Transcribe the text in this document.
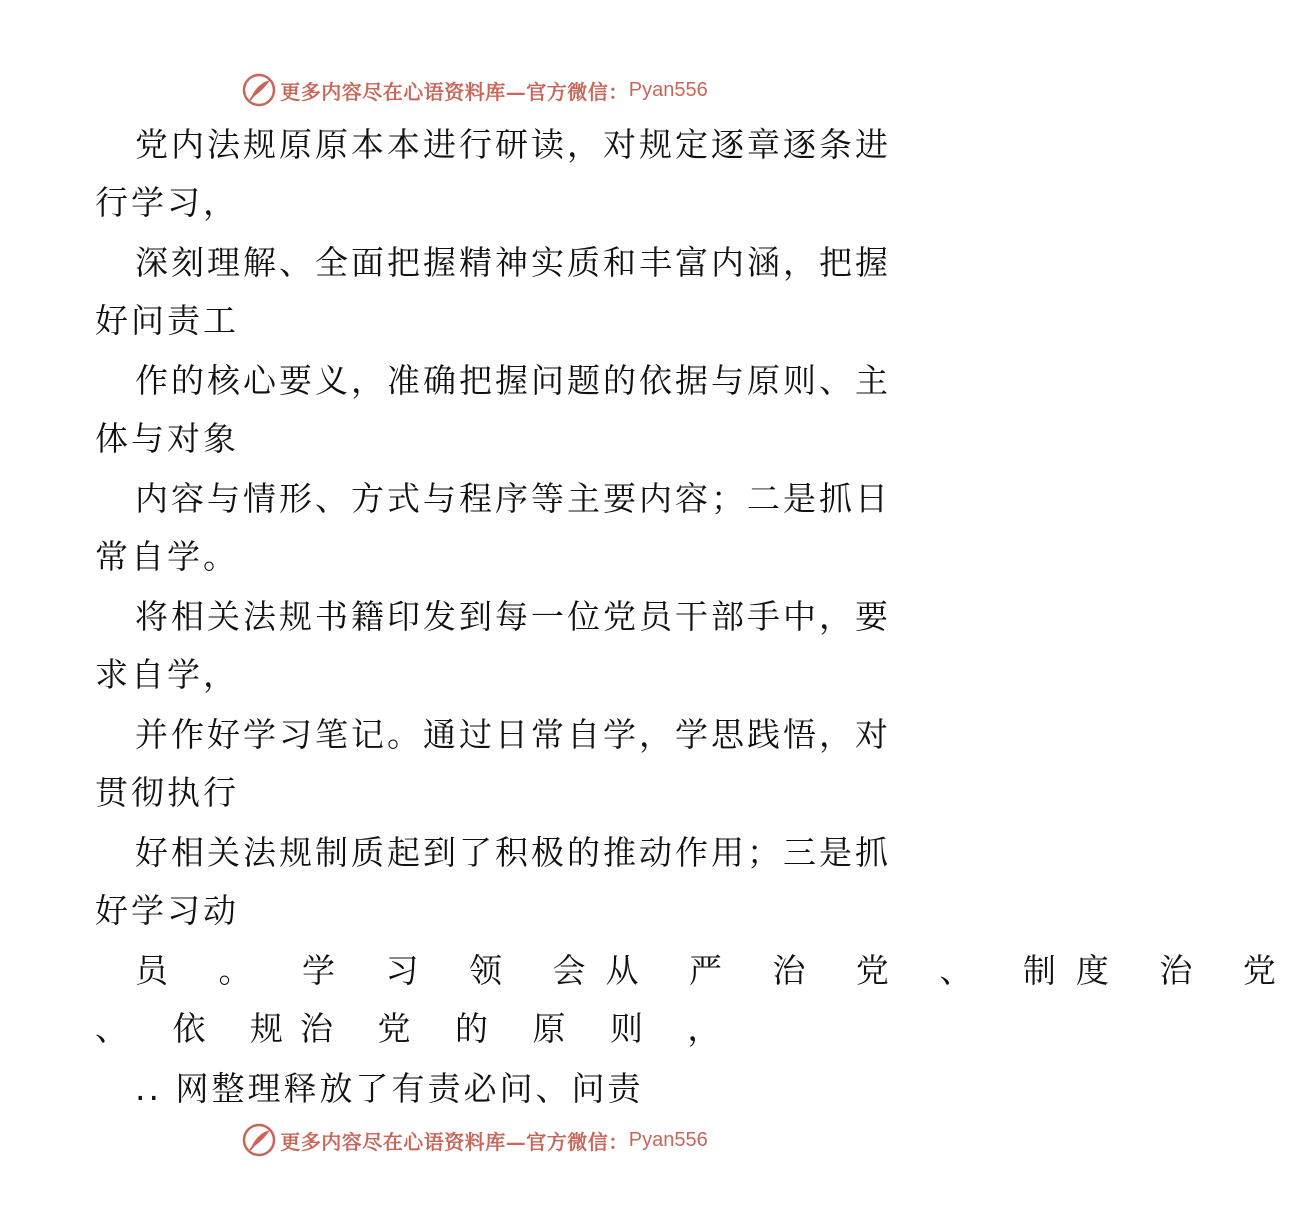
更多内容尽在心语资料库—官方微信： Pyan556
党内法规原原本本进行研读，对规定逐章逐条进
行学习，
深刻理解、全面把握精神实质和丰富内涵，把握
好问责工
作的核心要义，准确把握问题的依据与原则、主
体与对象
内容与情形、方式与程序等主要内容；二是抓日
常自学。
将相关法规书籍印发到每一位党员干部手中，要
求自学，
并作好学习笔记。通过日常自学，学思践悟，对
贯彻执行
好相关法规制质起到了积极的推动作用；三是抓
好学习动
员 。 学 习 领 会从 严 治 党 、 制度 治 党
、 依 规治 党 的 原 则 ，
.. 网整理释放了有责必问、问责
更多内容尽在心语资料库—官方微信： Pyan556
